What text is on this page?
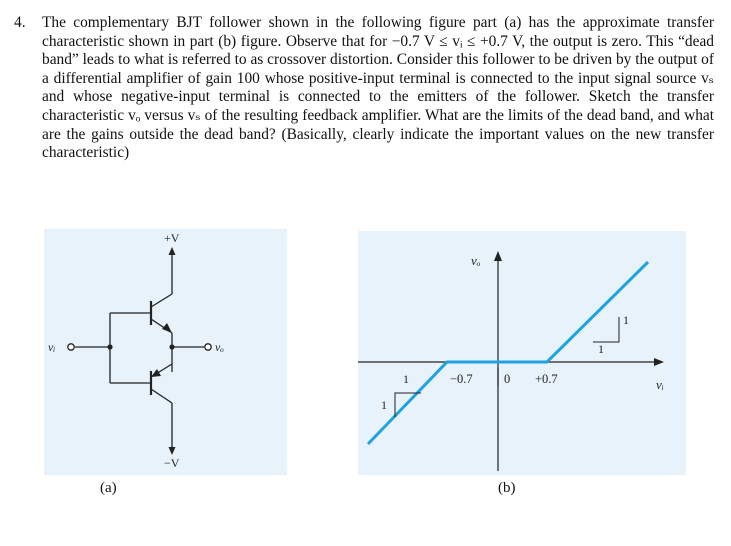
4. The complementary BJT follower shown in the following figure part (a) has the approximate transfer characteristic shown in part (b) figure. Observe that for −0.7 V ≤ vᵢ ≤ +0.7 V, the output is zero. This “dead band” leads to what is referred to as crossover distortion. Consider this follower to be driven by the output of a differential amplifier of gain 100 whose positive-input terminal is connected to the input signal source vₛ and whose negative-input terminal is connected to the emitters of the follower. Sketch the transfer characteristic vₒ versus vₛ of the resulting feedback amplifier. What are the limits of the dead band, and what are the gains outside the dead band? (Basically, clearly indicate the important values on the new transfer characteristic)
+V
−V
vᵢ	vₒ
(a)
vₒ
vᵢ
−0.7	0 +0.7
1
1
1
1
(b)
